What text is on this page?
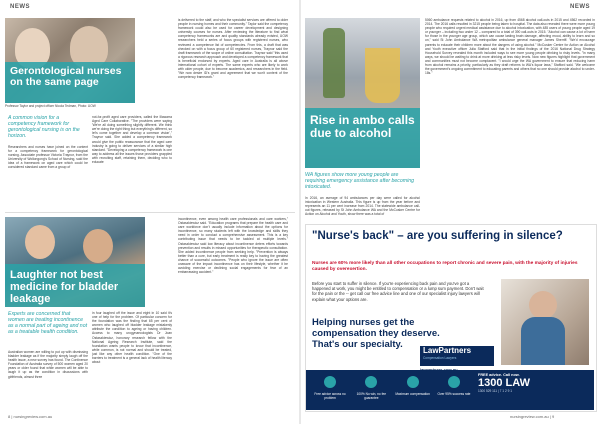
NEWS	NEWS
Gerontological nurses on the same page
Professor Taylor and project officer Nicola Tedman, Photo: UOW
A common vision for a competency framework for gerontological nursing is on the horizon.
Researchers and nurses have joined on the content for a competency framework for gerontological nursing. Associate professor Victoria Traynor, from the University of Wollongong's School of Nursing, said the idea of a framework on aged care which could be considered standard came from a group of
not-for-profit aged care providers, called the Illawarra Aged Care Collaborative. "The providers were saying 'We're all doing something slightly different. We think we're doing the right thing but everything's different, so let's come together and develop a common vision'," Traynor said. She added a competency framework would give the public reassurance that the aged care industry is going to deliver services of a similar high standard. "Developing a competency framework is one way to address all the issues those providers grappled with recruiting staff, retaining them, deciding who to educate
is delivered to the staff, and who the specialist services are offered to older people in nursing homes and their community." Taylor said the competency framework could also be used for career development and designing university courses for nurses. After reviewing the literature to find what competency frameworks are and quality standards already existed, UOW researchers held a series of focus groups with registered nurses, who reviewed a competence list of competencies. From this, a draft that was checked on with a focus group of 60 registered nurses, Traynor said the draft framework of the scope of online consultation. Traynor said "this used a rigorous research approach and developed a competency framework that is beneficial endorsed by experts. Aged care in Australia is all above international cohort of experts. The same experts who are likely to work with older people, due to become academics, and researchers in the field. "We now desire ID's grant and agreement that we won't content of the competency framework."
Laughter not best medicine for bladder leakage
Experts are concerned that women are treating incontinence as a normal part of ageing and not as a treatable health condition.
Australian women are willing to put up with dismissing bladder leakage as if the majority simply laugh off the health issue, a new survey has found. The Continence Foundation of Australia survey of 500 women aged 20 years or older found that while women will be able to laugh it up as the condition in discussions with girlfriends, almost three
in four laughed off the issue and eight in 10 said it's one of help for the problem. Of particular concern for the foundation was the finding that 65 per cent of women who laughed off bladder leakage mistakenly attribute the condition to ageing or having children. Access to many urogynaecologists Dr Joan Ostaszkiewicz, honorary research fellow with the National Ageing Research Institute, said the foundation wants people to know that incontinence, while common, is not normal and should be treated, just like any other health condition. "One of the barriers to treatment is a general lack of health literacy about
incontinence, even among health care professionals and care workers," Ostaszkiewicz said. "Education programs that prepare the health care and care workforce don't usually include information about the options for incontinence, so many students left with the knowledge and skills they need in order to conduct a comprehensive assessment. This is a key contributing issue that needs to be tackled at multiple levels." Ostaszkiewicz said low literacy about incontinence deters efforts towards prevention and results in missed opportunities for therapeutic consultation. She added incontinence people from seeking help. "Prevention is always better than a cure, but early treatment is really key to having the greatest chance of successful outcomes. "People who ignore the issue are often unaware of the impact incontinence has on their lifestyle, whether it be avoiding exercise or declining social engagements for fear of an embarrassing accident."
8 | nursingreview.com.au
Rise in ambo calls due to alcohol
WA figures show more young people are requiring emergency assistance after becoming intoxicated.
In 2016, an average of 94 ambulances per day were called for alcohol intoxication in Western Australia. This figure is up from the year before and represents an 11 per cent increase from 2014. The statewide ambulance call-out figures, released by St John Ambulance WA and the McCusker Centre for Action on Alcohol and Youth, show there was a total of
5060 ambulance requests related to alcohol in 2016, up from 4568 alcohol call-outs in 2015 and 4562 recorded in 2014. The 2016 calls resulted in 3215 people being taken to hospital. The data also revealed there were more young people who required urgent medical assistance due to alcohol intoxication, with 485 users of young people aged 19 or younger – including two under 12 – compared to a total of 390 call-outs in 2015. "Alcohol can cause a lot of harm for those in the younger age group, which can cause lasting brain damage, affecting mood, ability to learn and so on," said St John Ambulance WA metropolitan ambulance general manager James Sherriff. "We'd encourage parents to educate their children more about the dangers of using alcohol." McCusker Centre for Action on Alcohol and Youth executive officer Julia Stafford said that in the initial findings of the 2016 National Drug Strategy Household Survey revealed this month included ways to see more young people drinking to risky levels. "In many ways, we should be waiting to drink at more drinking at less risky levels. Now new figures highlight that government and communities must not become complacent. "I would urge the WA government to ensure that reducing harm from alcohol remains a priority, particularly as they draft reforms to WA's liquor laws," Stafford said. "We welcome the government's ongoing commitment to educating parents and others that no one should provide alcohol to under-18s."
"Nurse's back" – are you suffering in silence?
Nurses are 60% more likely than all other occupations to report chronic and severe pain, with the majority of injuries caused by overexertion.
Before you start to suffer in silence. If you're experiencing back pain and you've got a happened at work, you might be entitled to compensation or a lump sum payment. Don't wait for the pain or the -- get call our free advice line and one of our specialist injury lawyers will explain what your options are.
Helping nurses get the
compensation they deserve.
That's our specialty.
Free advice across no problem
100% No win, no fee guarantee
Maximum compensation	Over 95% success rate
FREE advice. Call now.
1300 LAW
1300 529 111 | 7 1 2 9 1
LawPartners
Compensation Lawyers
lawpartners.com.au
nursingreview.com.au | 9
